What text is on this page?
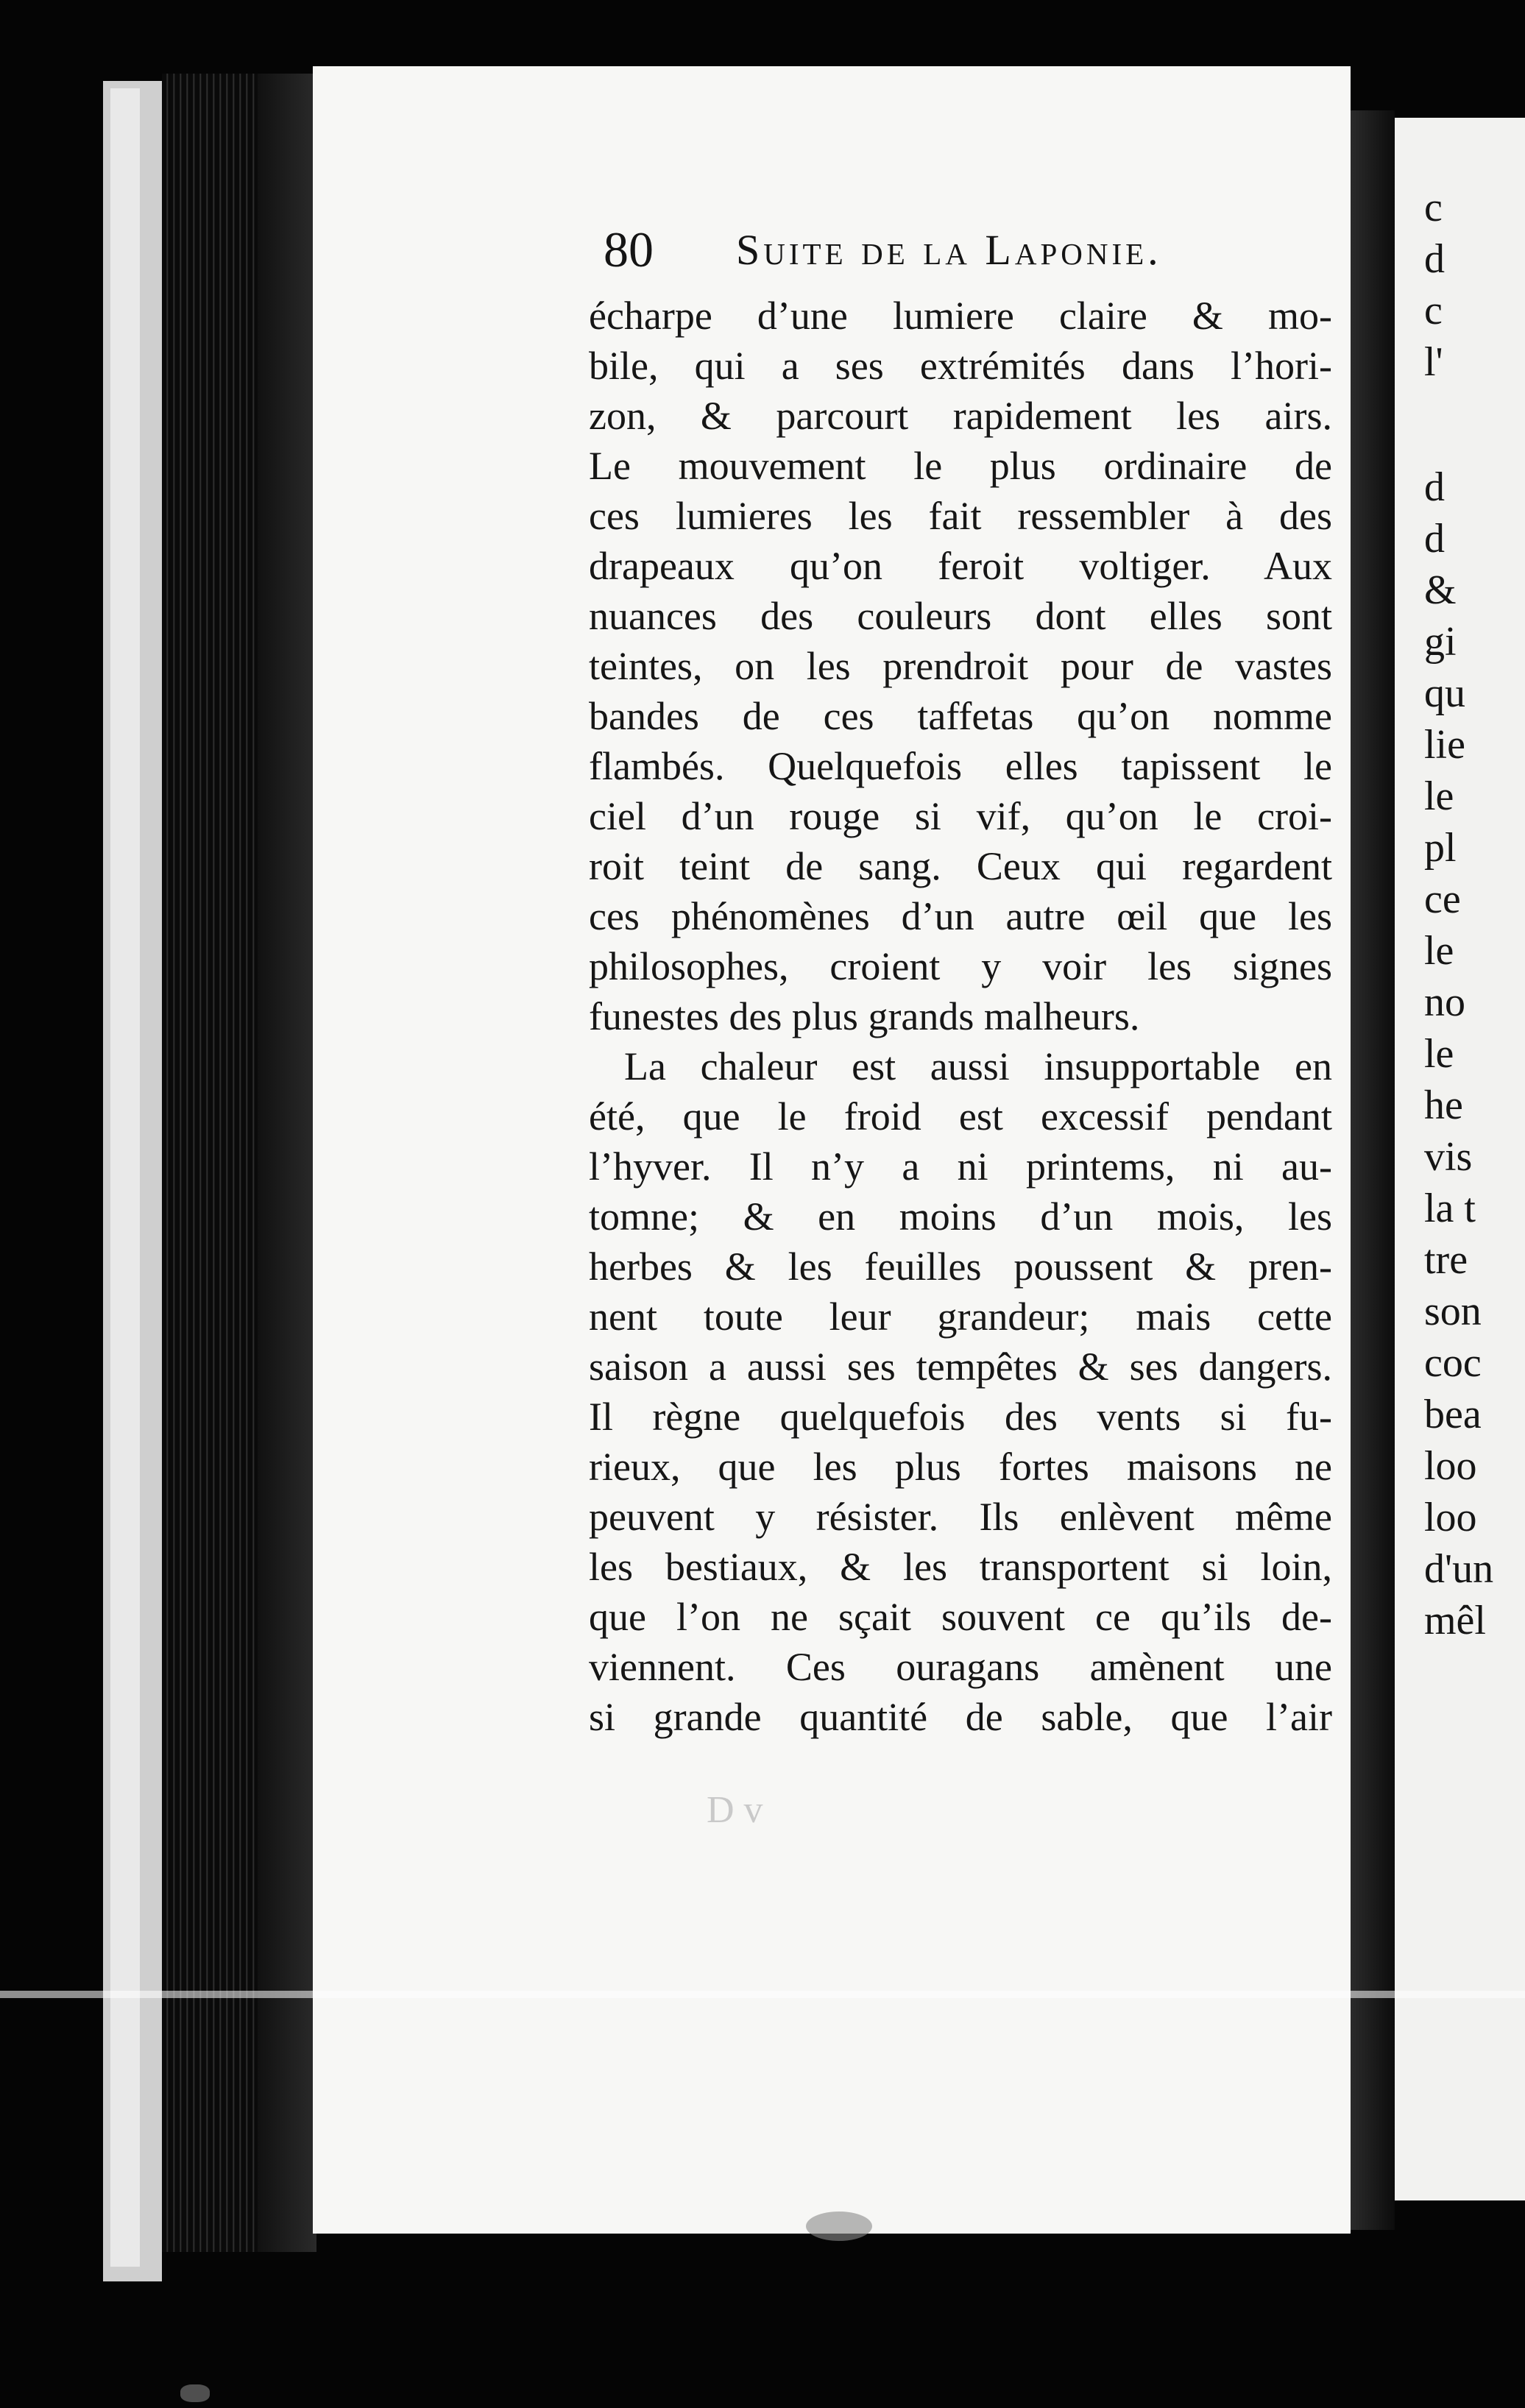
c
d
c
l'
d
d
&
gi
qu
lie
le
pl
ce
le
no
le
he
vis
la t
tre
son
coc
bea
loo
loo
d'un
mêl
80 Suite de la Laponie.
écharpe d’une lumiere claire & mo-
bile, qui a ses extrémités dans l’hori-
zon, & parcourt rapidement les airs.
Le mouvement le plus ordinaire de
ces lumieres les fait ressembler à des
drapeaux qu’on feroit voltiger. Aux
nuances des couleurs dont elles sont
teintes, on les prendroit pour de vastes
bandes de ces taffetas qu’on nomme
flambés. Quelquefois elles tapissent le
ciel d’un rouge si vif, qu’on le croi-
roit teint de sang. Ceux qui regardent
ces phénomènes d’un autre œil que les
philosophes, croient y voir les signes
funestes des plus grands malheurs.
La chaleur est aussi insupportable en
été, que le froid est excessif pendant
l’hyver. Il n’y a ni printems, ni au-
tomne; & en moins d’un mois, les
herbes & les feuilles poussent & pren-
nent toute leur grandeur; mais cette
saison a aussi ses tempêtes & ses dangers.
Il règne quelquefois des vents si fu-
rieux, que les plus fortes maisons ne
peuvent y résister. Ils enlèvent même
les bestiaux, & les transportent si loin,
que l’on ne sçait souvent ce qu’ils de-
viennent. Ces ouragans amènent une
si grande quantité de sable, que l’air
D v
